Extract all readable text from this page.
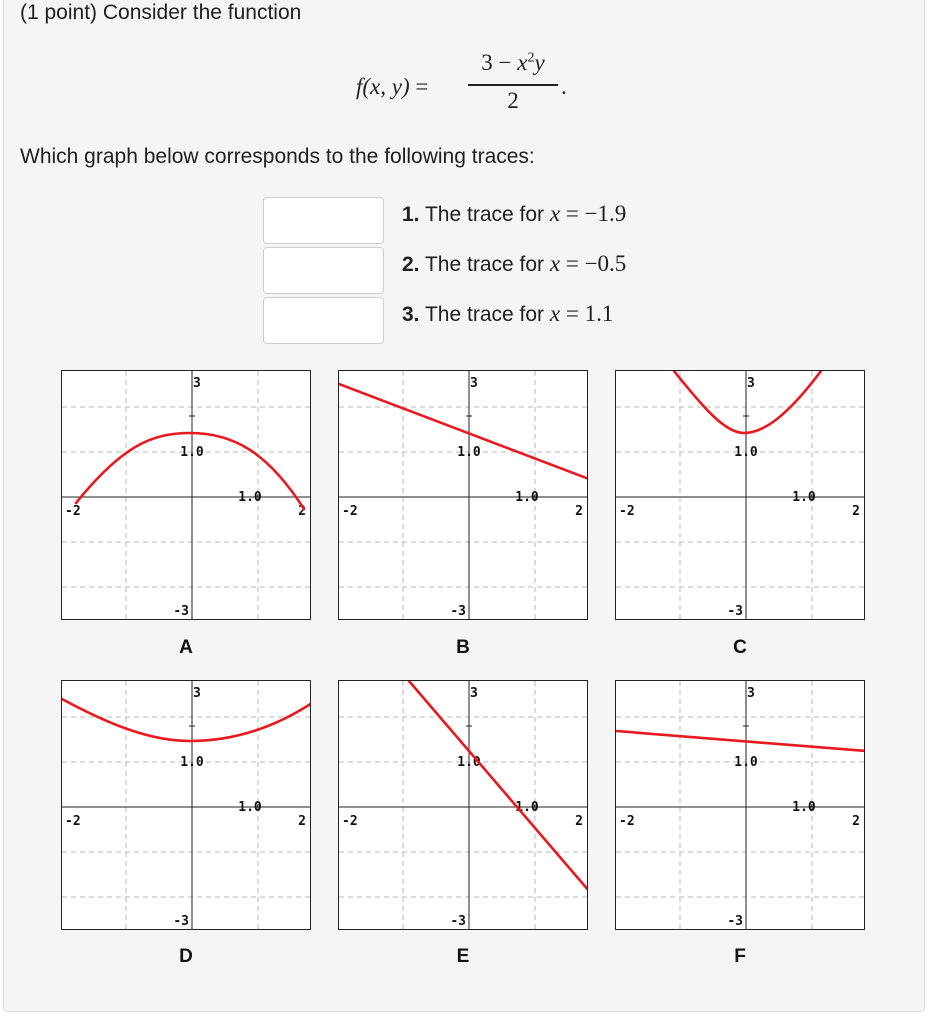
(1 point) Consider the function
f(x, y) =
$3 - x^2y$
2
.
Which graph below corresponds to the following traces:
1. The trace for x = −1.9
2. The trace for x = −0.5
3. The trace for x = 1.1
3
1.0
-3
-2	2
1.0
3
1.0
-3
-2	2
1.0
3
1.0
-3
-2	2
1.0
3
1.0
-3
-2	2
1.0
3
1.0
-3
-2	2
1.0
3
1.0
-3
-2	2
1.0
A	B	C
D	E	F
